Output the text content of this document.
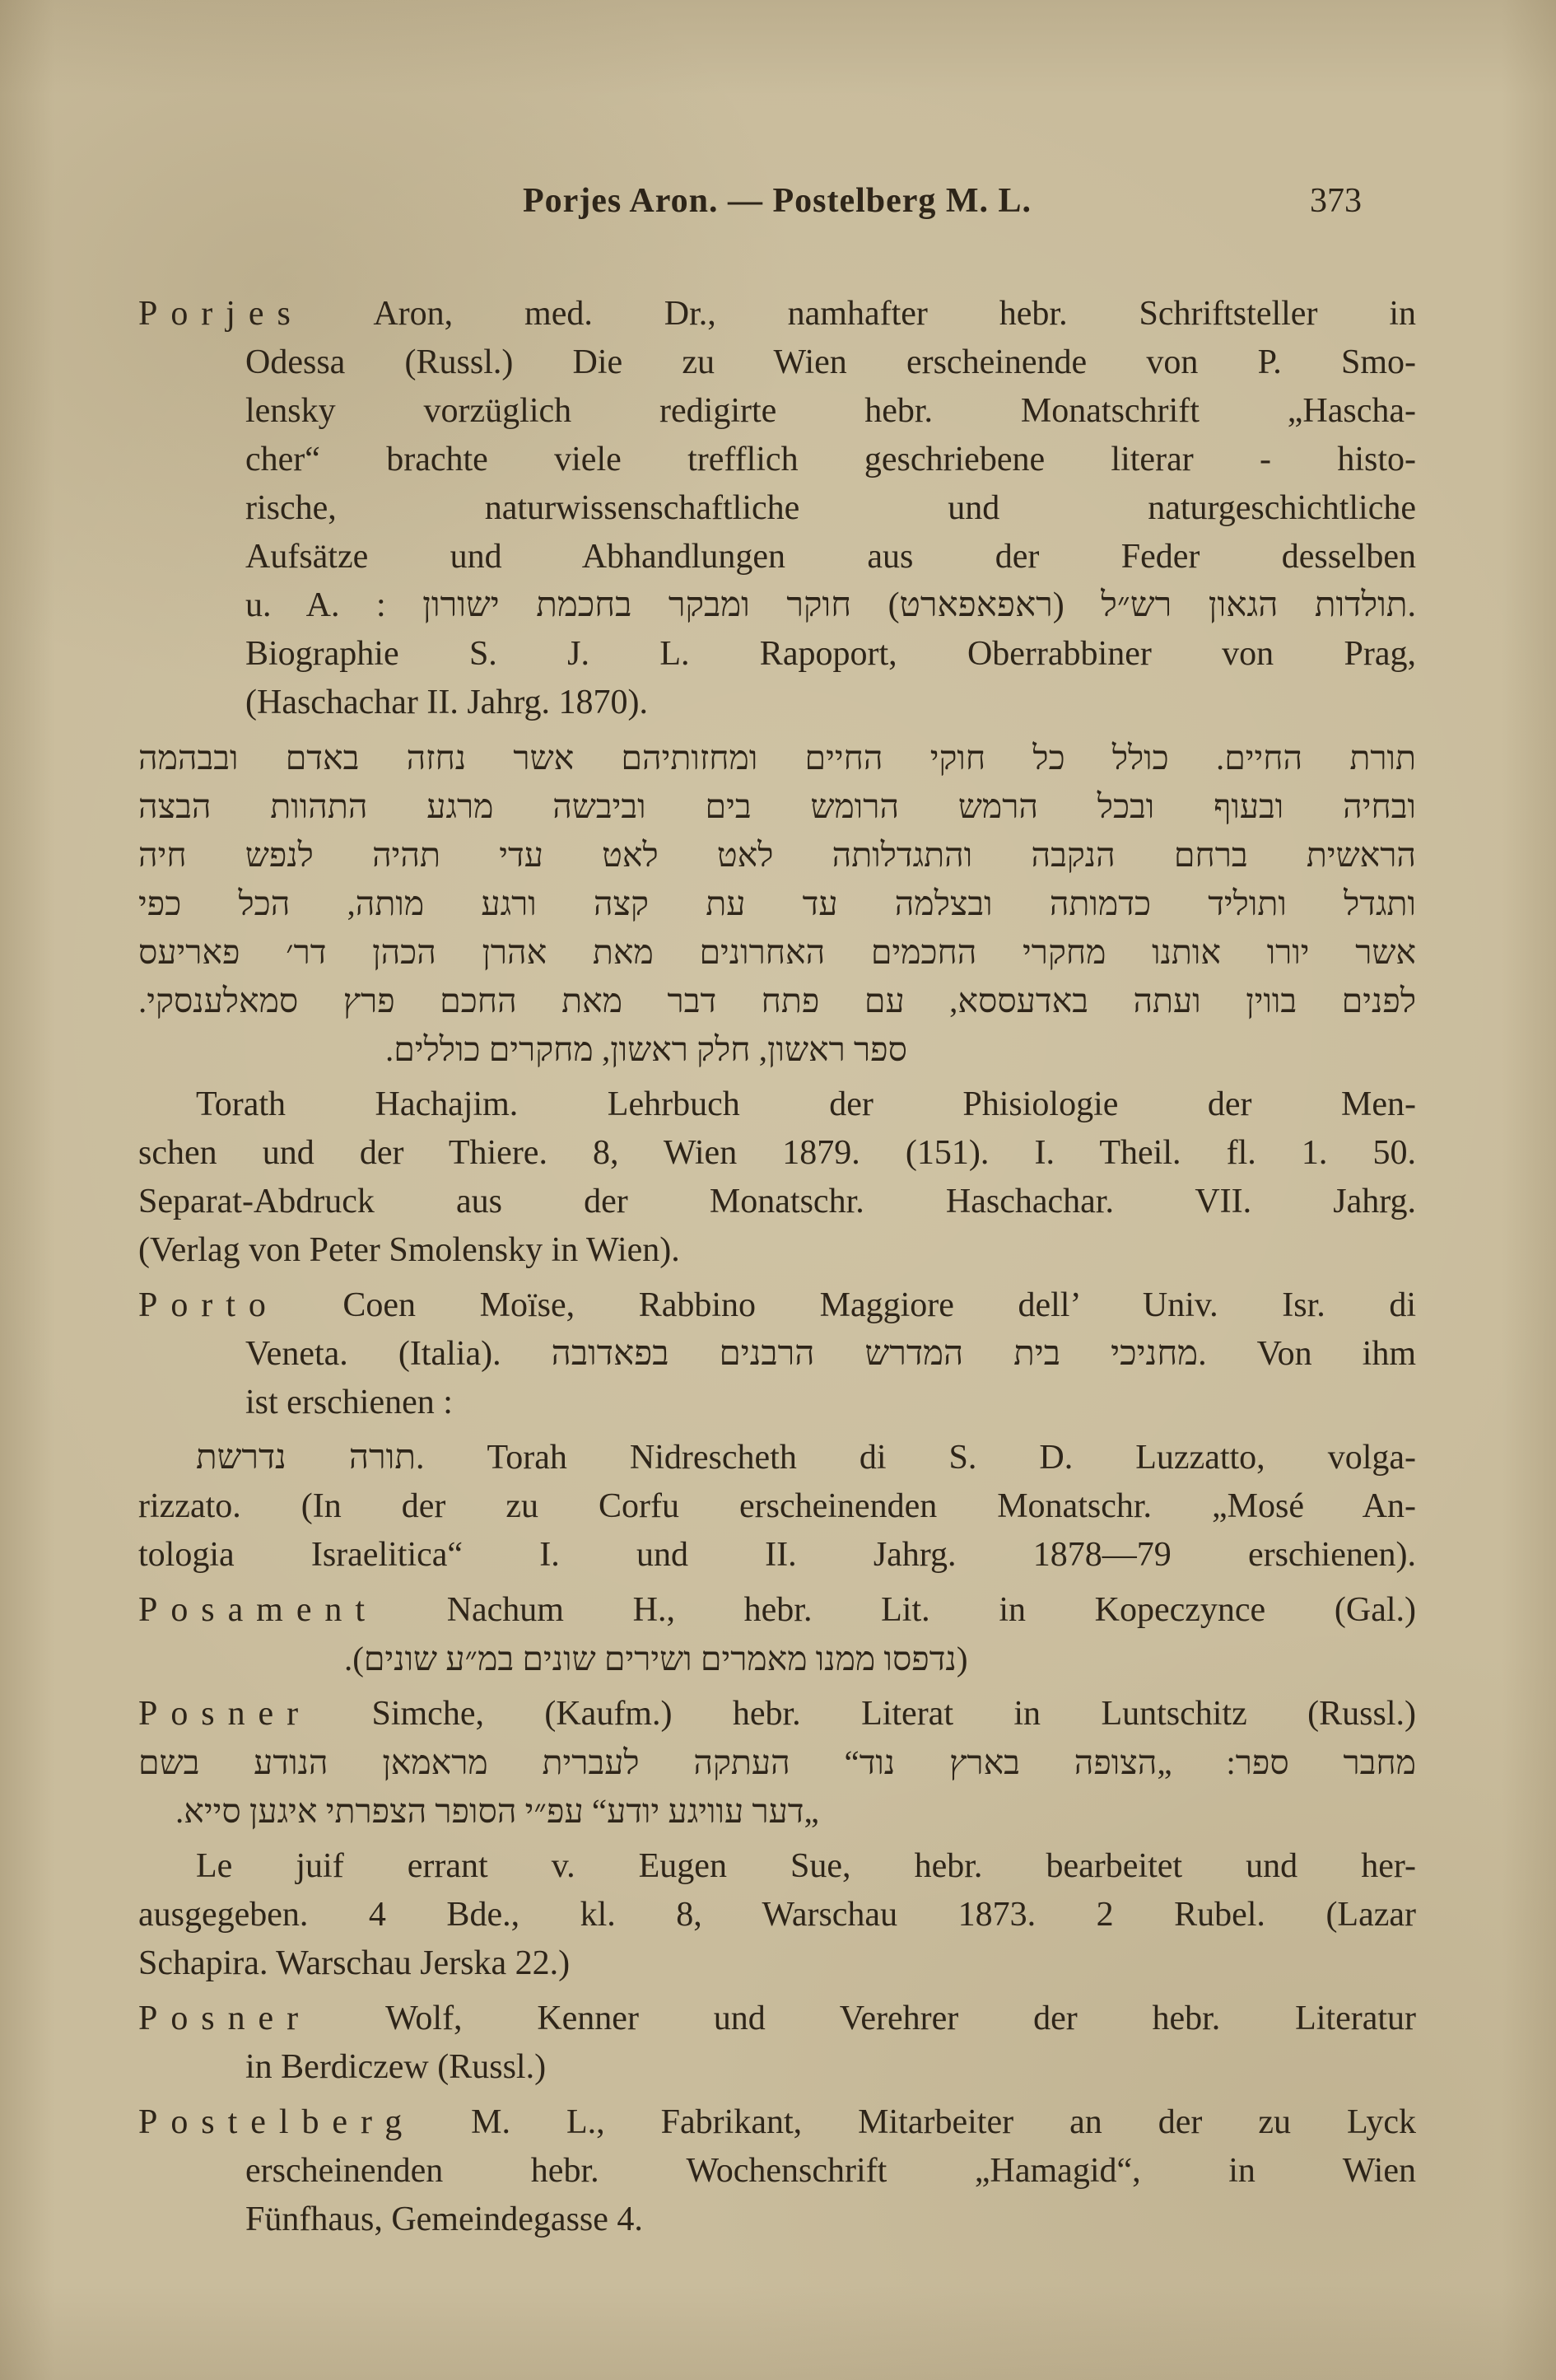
Porjes Aron. — Postelberg M. L.	373
Porjes Aron, med. Dr., namhafter hebr. Schriftsteller in
Odessa (Russl.) Die zu Wien erscheinende von P. Smo-
lensky vorzüglich redigirte hebr. Monatschrift „Hascha-
cher“ brachte viele trefflich geschriebene literar - histo-
rische, naturwissenschaftliche und naturgeschichtliche
Aufsätze und Abhandlungen aus der Feder desselben
u. A. : תולדות הגאון רש״ל (ראפאפארט) חוקר ומבקר בחכמת ישורון.
Biographie S. J. L. Rapoport, Oberrabbiner von Prag,
(Haschachar II. Jahrg. 1870).
תורת החיים. כולל כל חוקי החיים ומחזותיהם אשר נחזה באדם ובבהמה
ובחיה ובעוף ובכל הרמש הרומש בים וביבשה מרגע התהוות הבצה
הראשית ברחם הנקבה והתגדלותה לאט לאט עדי תהיה לנפש חיה
ותגדל ותוליד כדמותה ובצלמה עד עת קצה ורגע מותה, הכל כפי
אשר יורו אותנו מחקרי החכמים האחרונים מאת אהרן הכהן דר׳ פאריעס
לפנים בווין ועתה באדעססא, עם פתח דבר מאת החכם פרץ סמאלענסקי.
ספר ראשון, חלק ראשון, מחקרים כוללים.
Torath Hachajim. Lehrbuch der Phisiologie der Men-
schen und der Thiere. 8, Wien 1879. (151). I. Theil. fl. 1. 50.
Separat-Abdruck aus der Monatschr. Haschachar. VII. Jahrg.
(Verlag von Peter Smolensky in Wien).
Porto Coen Moïse, Rabbino Maggiore dell’ Univ. Isr. di
Veneta. (Italia). מחניכי בית המדרש הרבנים בפאדובה. Von ihm
ist erschienen :
תורה נדרשת. Torah Nidrescheth di S. D. Luzzatto, volga-
rizzato. (In der zu Corfu erscheinenden Monatschr. „Mosé An-
tologia Israelitica“ I. und II. Jahrg. 1878—79 erschienen).
Posament Nachum H., hebr. Lit. in Kopeczynce (Gal.)
(נדפסו ממנו מאמרים ושירים שונים במ״ע שונים).
Posner Simche, (Kaufm.) hebr. Literat in Luntschitz (Russl.)
מחבר ספר: „הצופה בארץ נוד“ העתקה לעברית מראמאן הנודע בשם
„דער עוויגע יודע“ עפ״י הסופר הצפרתי איגען סייא.
Le juif errant v. Eugen Sue, hebr. bearbeitet und her-
ausgegeben. 4 Bde., kl. 8, Warschau 1873. 2 Rubel. (Lazar
Schapira. Warschau Jerska 22.)
Posner Wolf, Kenner und Verehrer der hebr. Literatur
in Berdiczew (Russl.)
Postelberg M. L., Fabrikant, Mitarbeiter an der zu Lyck
erscheinenden hebr. Wochenschrift „Hamagid“, in Wien
Fünfhaus, Gemeindegasse 4.
